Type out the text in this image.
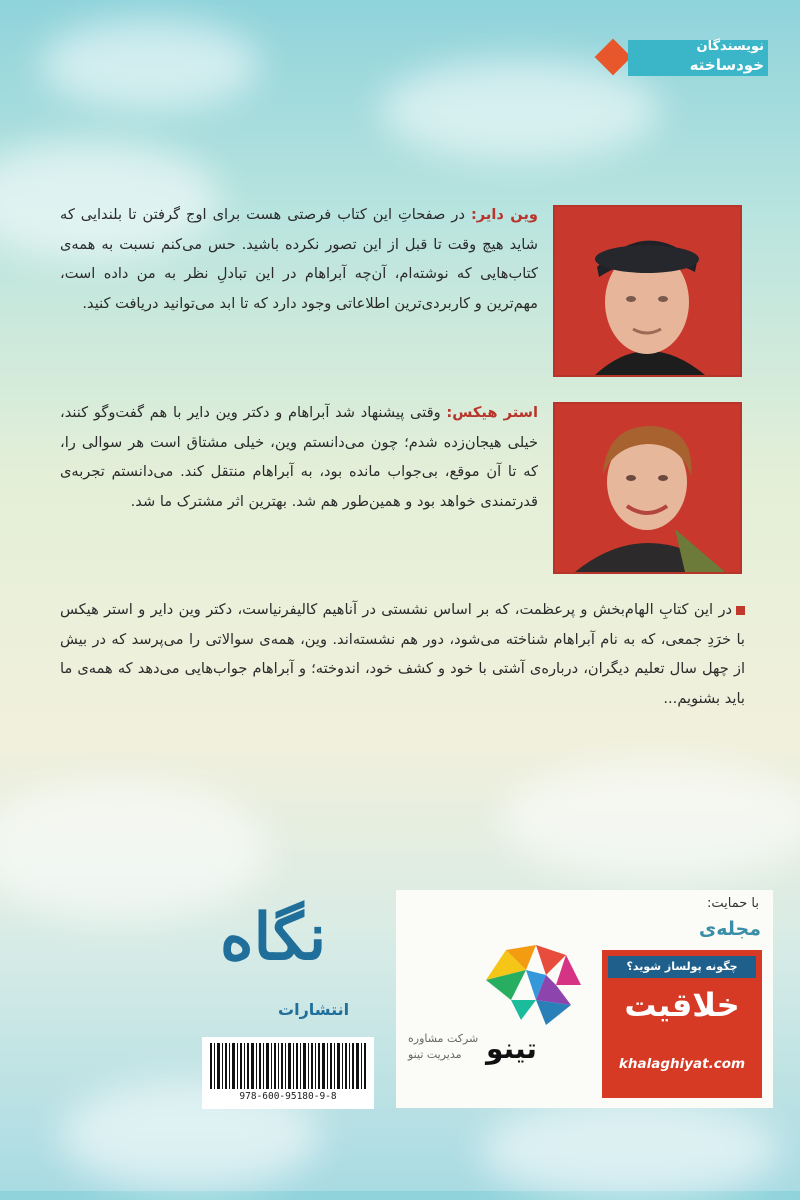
نویسندگان
خودساخته
وین دایر: در صفحاتِ این کتاب فرصتی هست برای اوج گرفتن تا بلندایی که شاید هیچ وقت تا قبل از این تصور نکرده باشید. حس می‌کنم نسبت به همه‌ی کتاب‌هایی که نوشته‌ام، آن‌چه آبراهام در این تبادلِ نظر به من داده است، مهم‌ترین و کاربردی‌ترین اطلاعاتی وجود دارد که تا ابد می‌توانید دریافت کنید.
استر هیکس: وقتی پیشنهاد شد آبراهام و دکتر وین دایر با هم گفت‌وگو کنند، خیلی هیجان‌زده شدم؛ چون می‌دانستم وین، خیلی مشتاق است هر سوالی را، که تا آن موقع، بی‌جواب مانده بود، به آبراهام منتقل کند. می‌دانستم تجربه‌ی قدرتمندی خواهد بود و همین‌طور هم شد. بهترین اثر مشترک ما شد.
در این کتابِ الهام‌بخش و پرعظمت، که بر اساس نشستی در آناهیم کالیفرنیاست، دکتر وین دایر و استر هیکس با خرَدِ جمعی، که به نام آبراهام شناخته می‌شود، دور هم نشسته‌اند. وین، همه‌ی سوالاتی را می‌پرسد که در بیش از چهل سال تعلیم دیگران، درباره‌ی آشتی با خود و کشف خود، اندوخته؛ و آبراهام جواب‌هایی می‌دهد که همه‌ی ما باید بشنویم...
نگاه
انتشارات
978-600-95180-9-8
با حمایت:
مجله‌ی
چگونه پولساز شوید؟
خلاقیت
khalaghiyat.com
تینو
شرکت مشاوره
مدیریت تینو
